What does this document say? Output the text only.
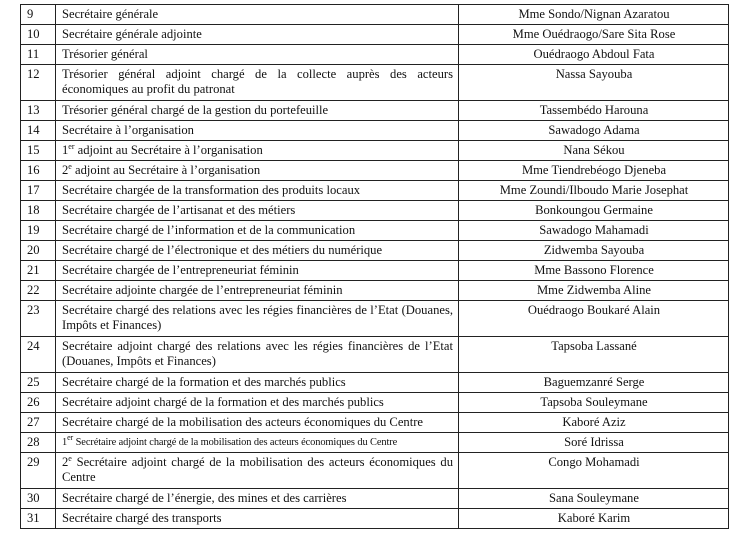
9	Secrétaire générale	Mme Sondo/Nignan Azaratou
10	Secrétaire générale adjointe	Mme Ouédraogo/Sare Sita Rose
11	Trésorier général	Ouédraogo Abdoul Fata
12	Trésorier général adjoint chargé de la collecte auprès des acteurs économiques au profit du patronat	Nassa Sayouba
13	Trésorier général chargé de la gestion du portefeuille	Tassembédo Harouna
14	Secrétaire à l’organisation	Sawadogo Adama
15	1er adjoint au Secrétaire à l’organisation	Nana Sékou
16	2e adjoint au Secrétaire à l’organisation	Mme Tiendrebéogo Djeneba
17	Secrétaire chargée de la transformation des produits locaux	Mme Zoundi/Ilboudo Marie Josephat
18	Secrétaire chargée de l’artisanat et des métiers	Bonkoungou Germaine
19	Secrétaire chargé de l’information et de la communication	Sawadogo Mahamadi
20	Secrétaire chargé de l’électronique et des métiers du numérique	Zidwemba Sayouba
21	Secrétaire chargée de l’entrepreneuriat féminin	Mme Bassono Florence
22	Secrétaire adjointe chargée de l’entrepreneuriat féminin	Mme Zidwemba Aline
23	Secrétaire chargé des relations avec les régies financières de l’Etat (Douanes, Impôts et Finances)	Ouédraogo Boukaré Alain
24	Secrétaire adjoint chargé des relations avec les régies financières de l’Etat (Douanes, Impôts et Finances)	Tapsoba Lassané
25	Secrétaire chargé de la formation et des marchés publics	Baguemzanré Serge
26	Secrétaire adjoint chargé de la formation et des marchés publics	Tapsoba Souleymane
27	Secrétaire chargé de la mobilisation des acteurs économiques du Centre	Kaboré Aziz
28	1er Secrétaire adjoint chargé de la mobilisation des acteurs économiques du Centre	Soré Idrissa
29	2e Secrétaire adjoint chargé de la mobilisation des acteurs économiques du Centre	Congo Mohamadi
30	Secrétaire chargé de l’énergie, des mines et des carrières	Sana Souleymane
31	Secrétaire chargé des transports	Kaboré Karim
